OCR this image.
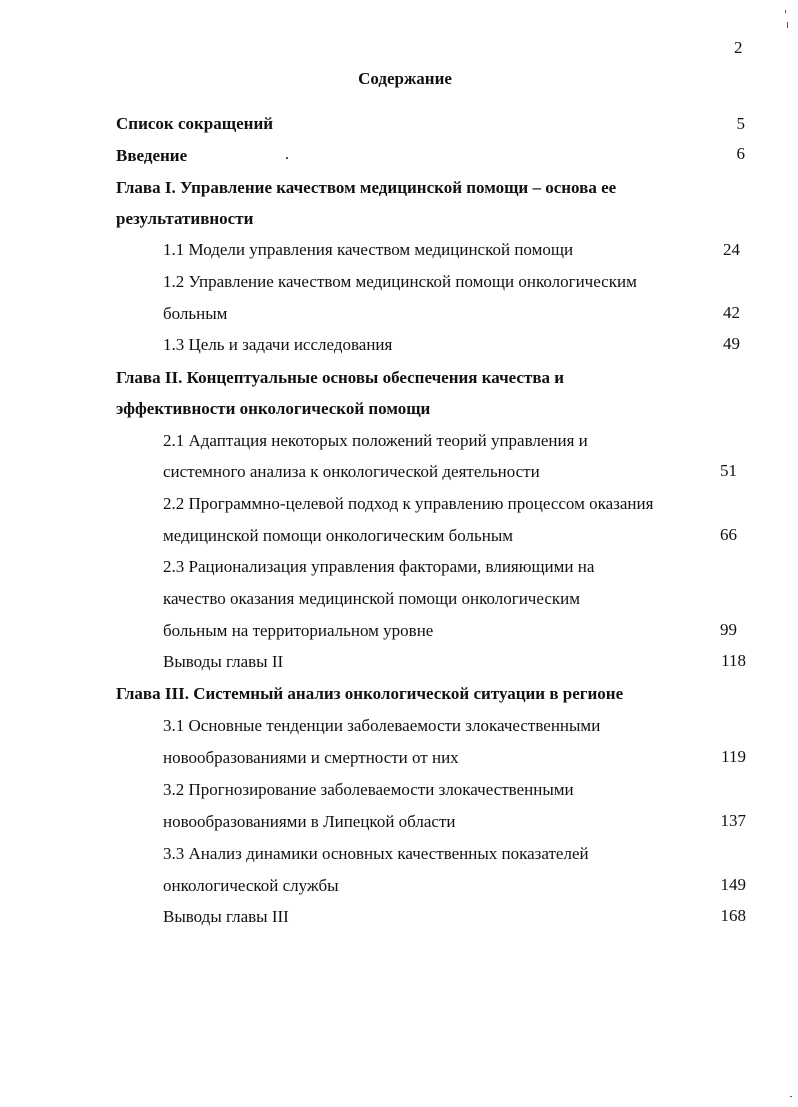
2
Содержание
Список сокращений	5
Введение	6
Глава I. Управление качеством медицинской помощи – основа ее
результативности
1.1 Модели управления качеством медицинской помощи	24
1.2 Управление качеством медицинской помощи онкологическим
больным	42
1.3 Цель и задачи исследования	49
Глава II. Концептуальные основы обеспечения качества и
эффективности онкологической помощи
2.1 Адаптация некоторых положений теорий управления и
системного анализа к онкологической деятельности	51
2.2 Программно-целевой подход к управлению процессом оказания
медицинской помощи онкологическим больным	66
2.3 Рационализация управления факторами, влияющими на
качество оказания медицинской помощи онкологическим
больным на территориальном уровне	99
Выводы главы II	118
Глава III. Системный анализ онкологической ситуации в регионе
3.1 Основные тенденции заболеваемости злокачественными
новообразованиями и смертности от них	119
3.2 Прогнозирование заболеваемости злокачественными
новообразованиями в Липецкой области	137
3.3 Анализ динамики основных качественных показателей
онкологической службы	149
Выводы главы III	168
